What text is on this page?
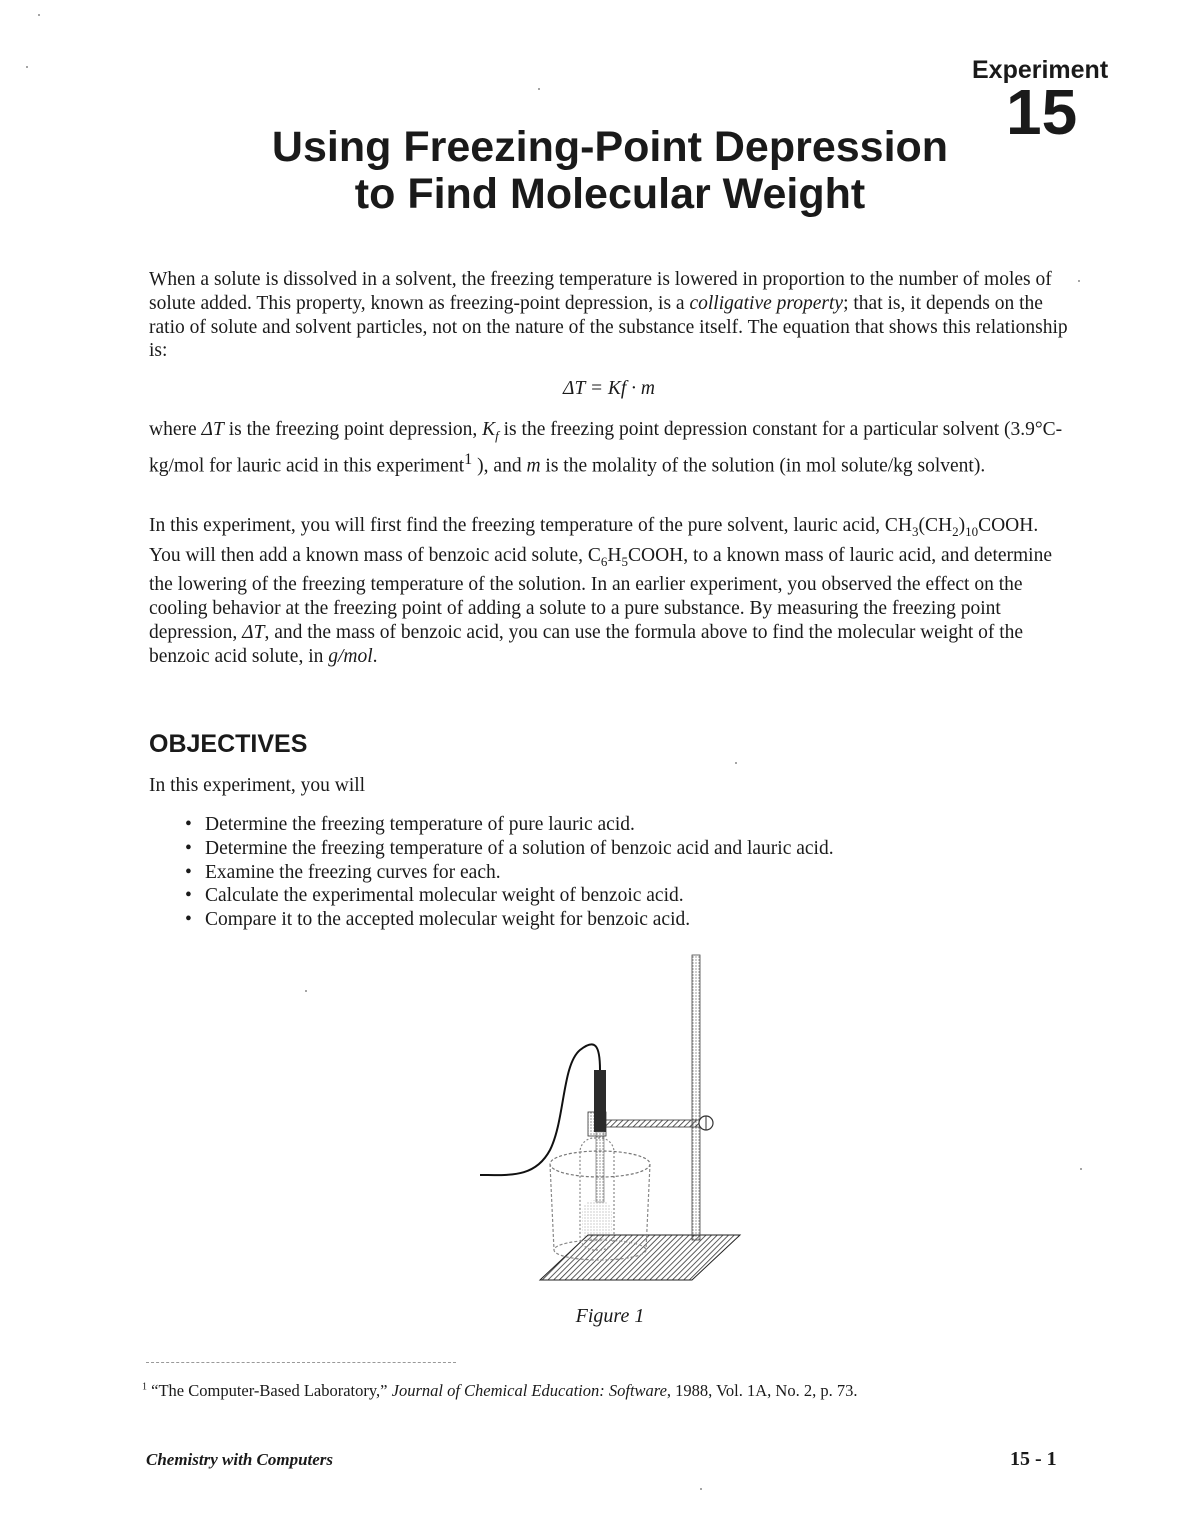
Experiment
15
Using Freezing-Point Depression
to Find Molecular Weight
When a solute is dissolved in a solvent, the freezing temperature is lowered in proportion to the number of moles of solute added. This property, known as freezing-point depression, is a colligative property; that is, it depends on the ratio of solute and solvent particles, not on the nature of the substance itself. The equation that shows this relationship is:
ΔT = Kf · m
where ΔT is the freezing point depression, $K_f$ is the freezing point depression constant for a particular solvent (3.9°C-kg/mol for lauric acid in this experiment$^1$ ), and m is the molality of the solution (in mol solute/kg solvent).
In this experiment, you will first find the freezing temperature of the pure solvent, lauric acid, $CH_3(CH_2)_{10}COOH$. You will then add a known mass of benzoic acid solute, $C_6H_5COOH$, to a known mass of lauric acid, and determine the lowering of the freezing temperature of the solution. In an earlier experiment, you observed the effect on the cooling behavior at the freezing point of adding a solute to a pure substance. By measuring the freezing point depression, ΔT, and the mass of benzoic acid, you can use the formula above to find the molecular weight of the benzoic acid solute, in g/mol.
OBJECTIVES
In this experiment, you will
• Determine the freezing temperature of pure lauric acid.
• Determine the freezing temperature of a solution of benzoic acid and lauric acid.
• Examine the freezing curves for each.
• Calculate the experimental molecular weight of benzoic acid.
• Compare it to the accepted molecular weight for benzoic acid.
Figure 1
$^1$ “The Computer-Based Laboratory,” Journal of Chemical Education: Software, 1988, Vol. 1A, No. 2, p. 73.
Chemistry with Computers	15 - 1
